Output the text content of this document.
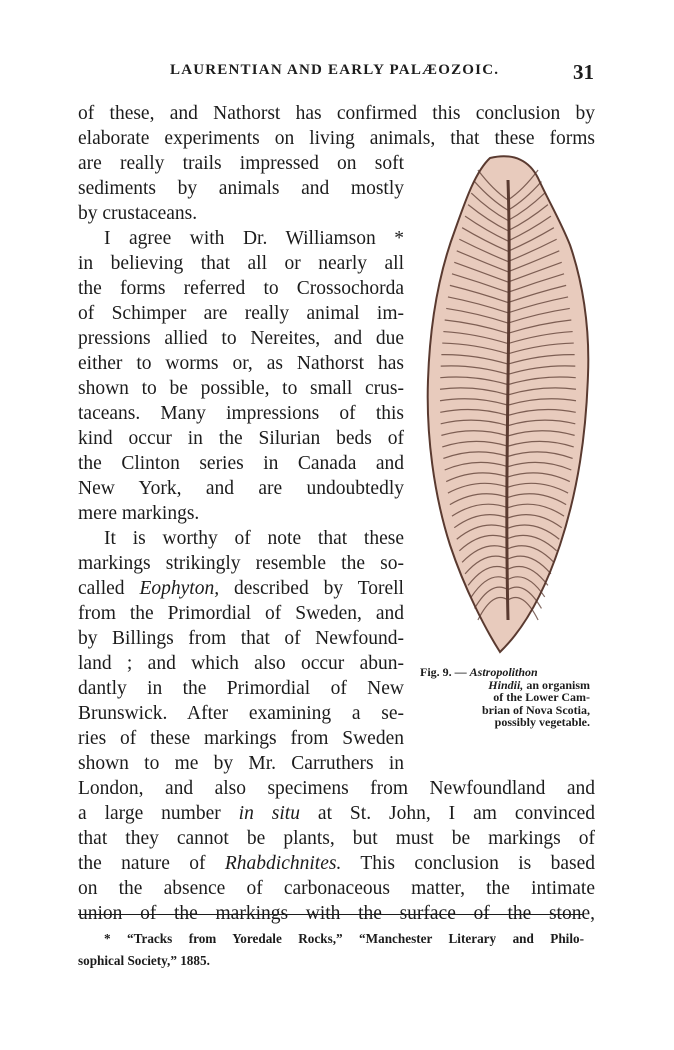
LAURENTIAN AND EARLY PALÆOZOIC.	31
of these, and Nathorst has confirmed this conclusion by
elaborate experiments on living animals, that these forms
are really trails impressed on soft
sediments by animals and mostly
by crustaceans.
I agree with Dr. Williamson *
in believing that all or nearly all
the forms referred to Crossochorda
of Schimper are really animal im-
pressions allied to Nereites, and due
either to worms or, as Nathorst has
shown to be possible, to small crus-
taceans. Many impressions of this
kind occur in the Silurian beds of
the Clinton series in Canada and
New York, and are undoubtedly
mere markings.
It is worthy of note that these
markings strikingly resemble the so-
called Eophyton, described by Torell
from the Primordial of Sweden, and
by Billings from that of Newfound-
land ; and which also occur abun-
dantly in the Primordial of New
Brunswick. After examining a se-
ries of these markings from Sweden
shown to me by Mr. Carruthers in
London, and also specimens from Newfoundland and
a large number in situ at St. John, I am convinced
that they cannot be plants, but must be markings of
the nature of Rhabdichnites. This conclusion is based
on the absence of carbonaceous matter, the intimate
union of the markings with the surface of the stone,
Fig. 9. — Astropolithon
Hindii, an organism
of the Lower Cam-
brian of Nova Scotia,
possibly vegetable.
* “Tracks from Yoredale Rocks,” “Manchester Literary and Philo-
sophical Society,” 1885.
